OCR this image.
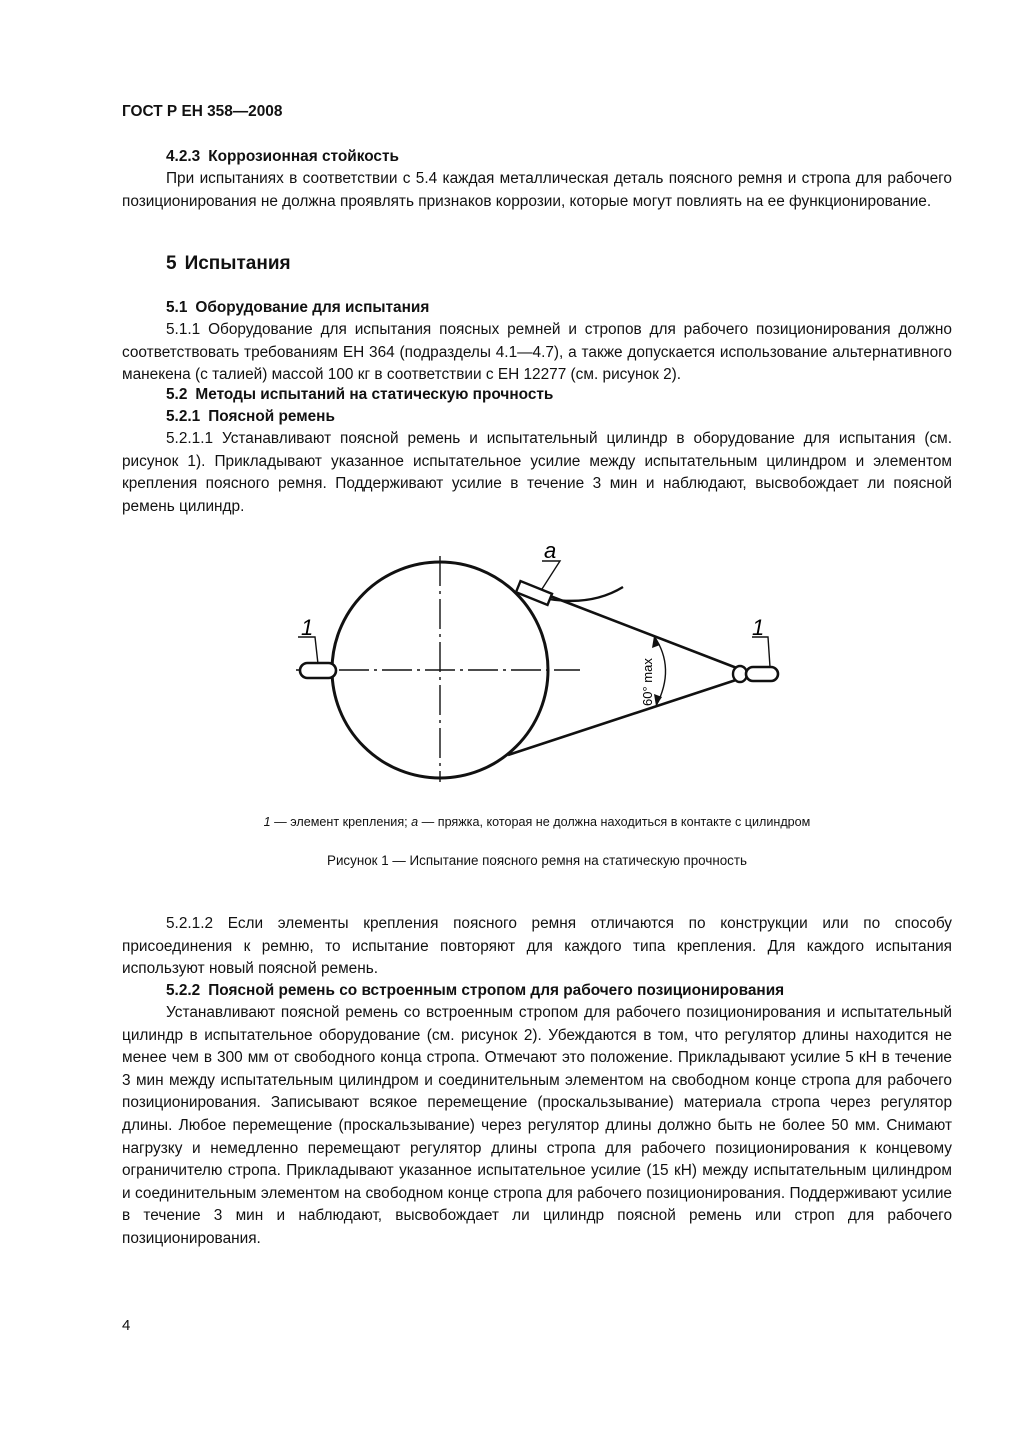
ГОСТ Р ЕН 358—2008
4.2.3 Коррозионная стойкость
При испытаниях в соответствии с 5.4 каждая металлическая деталь поясного ремня и стропа для рабочего позиционирования не должна проявлять признаков коррозии, которые могут повлиять на ее функционирование.
5 Испытания
5.1 Оборудование для испытания
5.1.1 Оборудование для испытания поясных ремней и стропов для рабочего позиционирования должно соответствовать требованиям ЕН 364 (подразделы 4.1—4.7), а также допускается использование альтернативного манекена (с талией) массой 100 кг в соответствии с ЕН 12277 (см. рисунок 2).
5.2 Методы испытаний на статическую прочность
5.2.1 Поясной ремень
5.2.1.1 Устанавливают поясной ремень и испытательный цилиндр в оборудование для испытания (см. рисунок 1). Прикладывают указанное испытательное усилие между испытательным цилиндром и элементом крепления поясного ремня. Поддерживают усилие в течение 3 мин и наблюдают, высвобождает ли поясной ремень цилиндр.
1	1
a
60° max
1 — элемент крепления; a — пряжка, которая не должна находиться в контакте с цилиндром
Рисунок 1 — Испытание поясного ремня на статическую прочность
5.2.1.2 Если элементы крепления поясного ремня отличаются по конструкции или по способу присоединения к ремню, то испытание повторяют для каждого типа крепления. Для каждого испытания используют новый поясной ремень.
5.2.2 Поясной ремень со встроенным стропом для рабочего позиционирования
Устанавливают поясной ремень со встроенным стропом для рабочего позиционирования и испытательный цилиндр в испытательное оборудование (см. рисунок 2). Убеждаются в том, что регулятор длины находится не менее чем в 300 мм от свободного конца стропа. Отмечают это положение. Прикладывают усилие 5 кН в течение 3 мин между испытательным цилиндром и соединительным элементом на свободном конце стропа для рабочего позиционирования. Записывают всякое перемещение (проскальзывание) материала стропа через регулятор длины. Любое перемещение (проскальзывание) через регулятор длины должно быть не более 50 мм. Снимают нагрузку и немедленно перемещают регулятор длины стропа для рабочего позиционирования к концевому ограничителю стропа. Прикладывают указанное испытательное усилие (15 кН) между испытательным цилиндром и соединительным элементом на свободном конце стропа для рабочего позиционирования. Поддерживают усилие в течение 3 мин и наблюдают, высвобождает ли цилиндр поясной ремень или строп для рабочего позиционирования.
4
